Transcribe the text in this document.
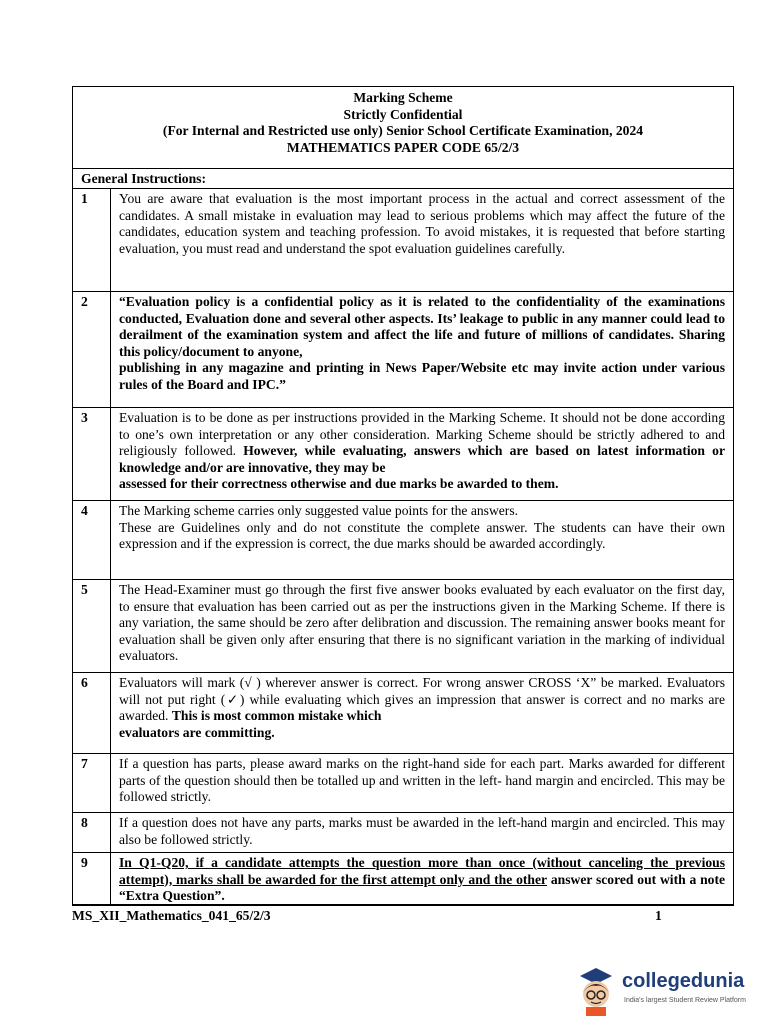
Marking Scheme
Strictly Confidential
(For Internal and Restricted use only) Senior School Certificate Examination, 2024
MATHEMATICS PAPER CODE 65/2/3
General Instructions:
1	You are aware that evaluation is the most important process in the actual and correct assessment of the candidates. A small mistake in evaluation may lead to serious problems which may affect the future of the candidates, education system and teaching profession. To avoid mistakes, it is requested that before starting evaluation, you must read and understand the spot evaluation guidelines carefully.
2	“Evaluation policy is a confidential policy as it is related to the confidentiality of the examinations conducted, Evaluation done and several other aspects. Its’ leakage to public in any manner could lead to derailment of the examination system and affect the life and future of millions of candidates. Sharing this policy/document to anyone,
publishing in any magazine and printing in News Paper/Website etc may invite action under various rules of the Board and IPC.”
3	Evaluation is to be done as per instructions provided in the Marking Scheme. It should not be done according to one’s own interpretation or any other consideration. Marking Scheme should be strictly adhered to and religiously followed. However, while evaluating, answers which are based on latest information or knowledge and/or are innovative, they may be
assessed for their correctness otherwise and due marks be awarded to them.
4	The Marking scheme carries only suggested value points for the answers.
These are Guidelines only and do not constitute the complete answer. The students can have their own expression and if the expression is correct, the due marks should be awarded accordingly.
5	The Head-Examiner must go through the first five answer books evaluated by each evaluator on the first day, to ensure that evaluation has been carried out as per the instructions given in the Marking Scheme. If there is any variation, the same should be zero after delibration and discussion. The remaining answer books meant for evaluation shall be given only after ensuring that there is no significant variation in the marking of individual evaluators.
6	Evaluators will mark (√ ) wherever answer is correct. For wrong answer CROSS ‘X” be marked. Evaluators will not put right (✓) while evaluating which gives an impression that answer is correct and no marks are awarded. This is most common mistake which
evaluators are committing.
7	If a question has parts, please award marks on the right-hand side for each part. Marks awarded for different parts of the question should then be totalled up and written in the left- hand margin and encircled. This may be followed strictly.
8	If a question does not have any parts, marks must be awarded in the left-hand margin and encircled. This may also be followed strictly.
9	In Q1-Q20, if a candidate attempts the question more than once (without canceling the previous attempt), marks shall be awarded for the first attempt only and the other answer scored out with a note “Extra Question”.
MS_XII_Mathematics_041_65/2/3	1
collegedunia
India's largest Student Review Platform
